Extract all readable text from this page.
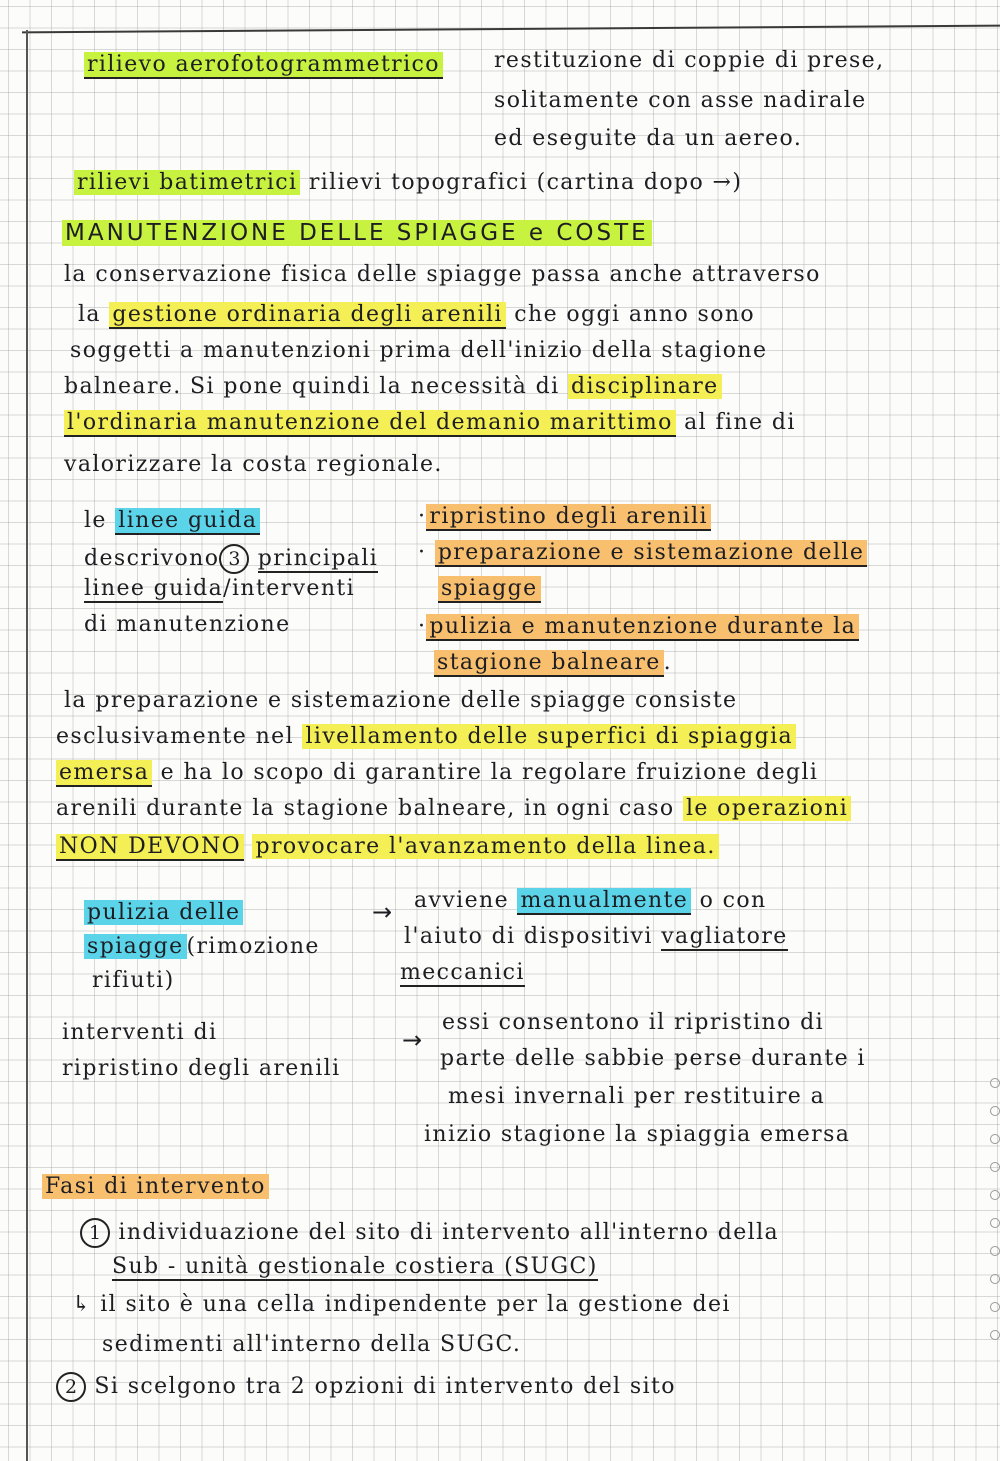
rilievo aerofotogrammetrico restituzione di coppie di prese,
solitamente con asse nadirale
ed eseguite da un aereo.
rilievi batimetrici rilievi topografici (cartina dopo →)
MANUTENZIONE DELLE SPIAGGE e COSTE
la conservazione fisica delle spiagge passa anche attraverso
la gestione ordinaria degli arenili che oggi anno sono
soggetti a manutenzioni prima dell'inizio della stagione
balneare. Si pone quindi la necessità di disciplinare
l'ordinaria manutenzione del demanio marittimo al fine di
valorizzare la costa regionale.
le linee guida
descrivono 3 principali
linee guida/interventi
di manutenzione
· ripristino degli arenili
· preparazione e sistemazione delle
spiagge
· pulizia e manutenzione durante la
stagione balneare .
la preparazione e sistemazione delle spiagge consiste
esclusivamente nel livellamento delle superfici di spiaggia
emersa e ha lo scopo di garantire la regolare fruizione degli
arenili durante la stagione balneare, in ogni caso le operazioni
NON DEVONO provocare l'avanzamento della linea.
pulizia delle
spiagge (rimozione
rifiuti)
→ avviene manualmente o con
l'aiuto di dispositivi vagliatore
meccanici
interventi di
ripristino degli arenili
→
essi consentono il ripristino di
parte delle sabbie perse durante i
mesi invernali per restituire a
inizio stagione la spiaggia emersa
Fasi di intervento
1 individuazione del sito di intervento all'interno della
Sub - unità gestionale costiera (SUGC)
↳ il sito è una cella indipendente per la gestione dei
sedimenti all'interno della SUGC.
2 Si scelgono tra 2 opzioni di intervento del sito
